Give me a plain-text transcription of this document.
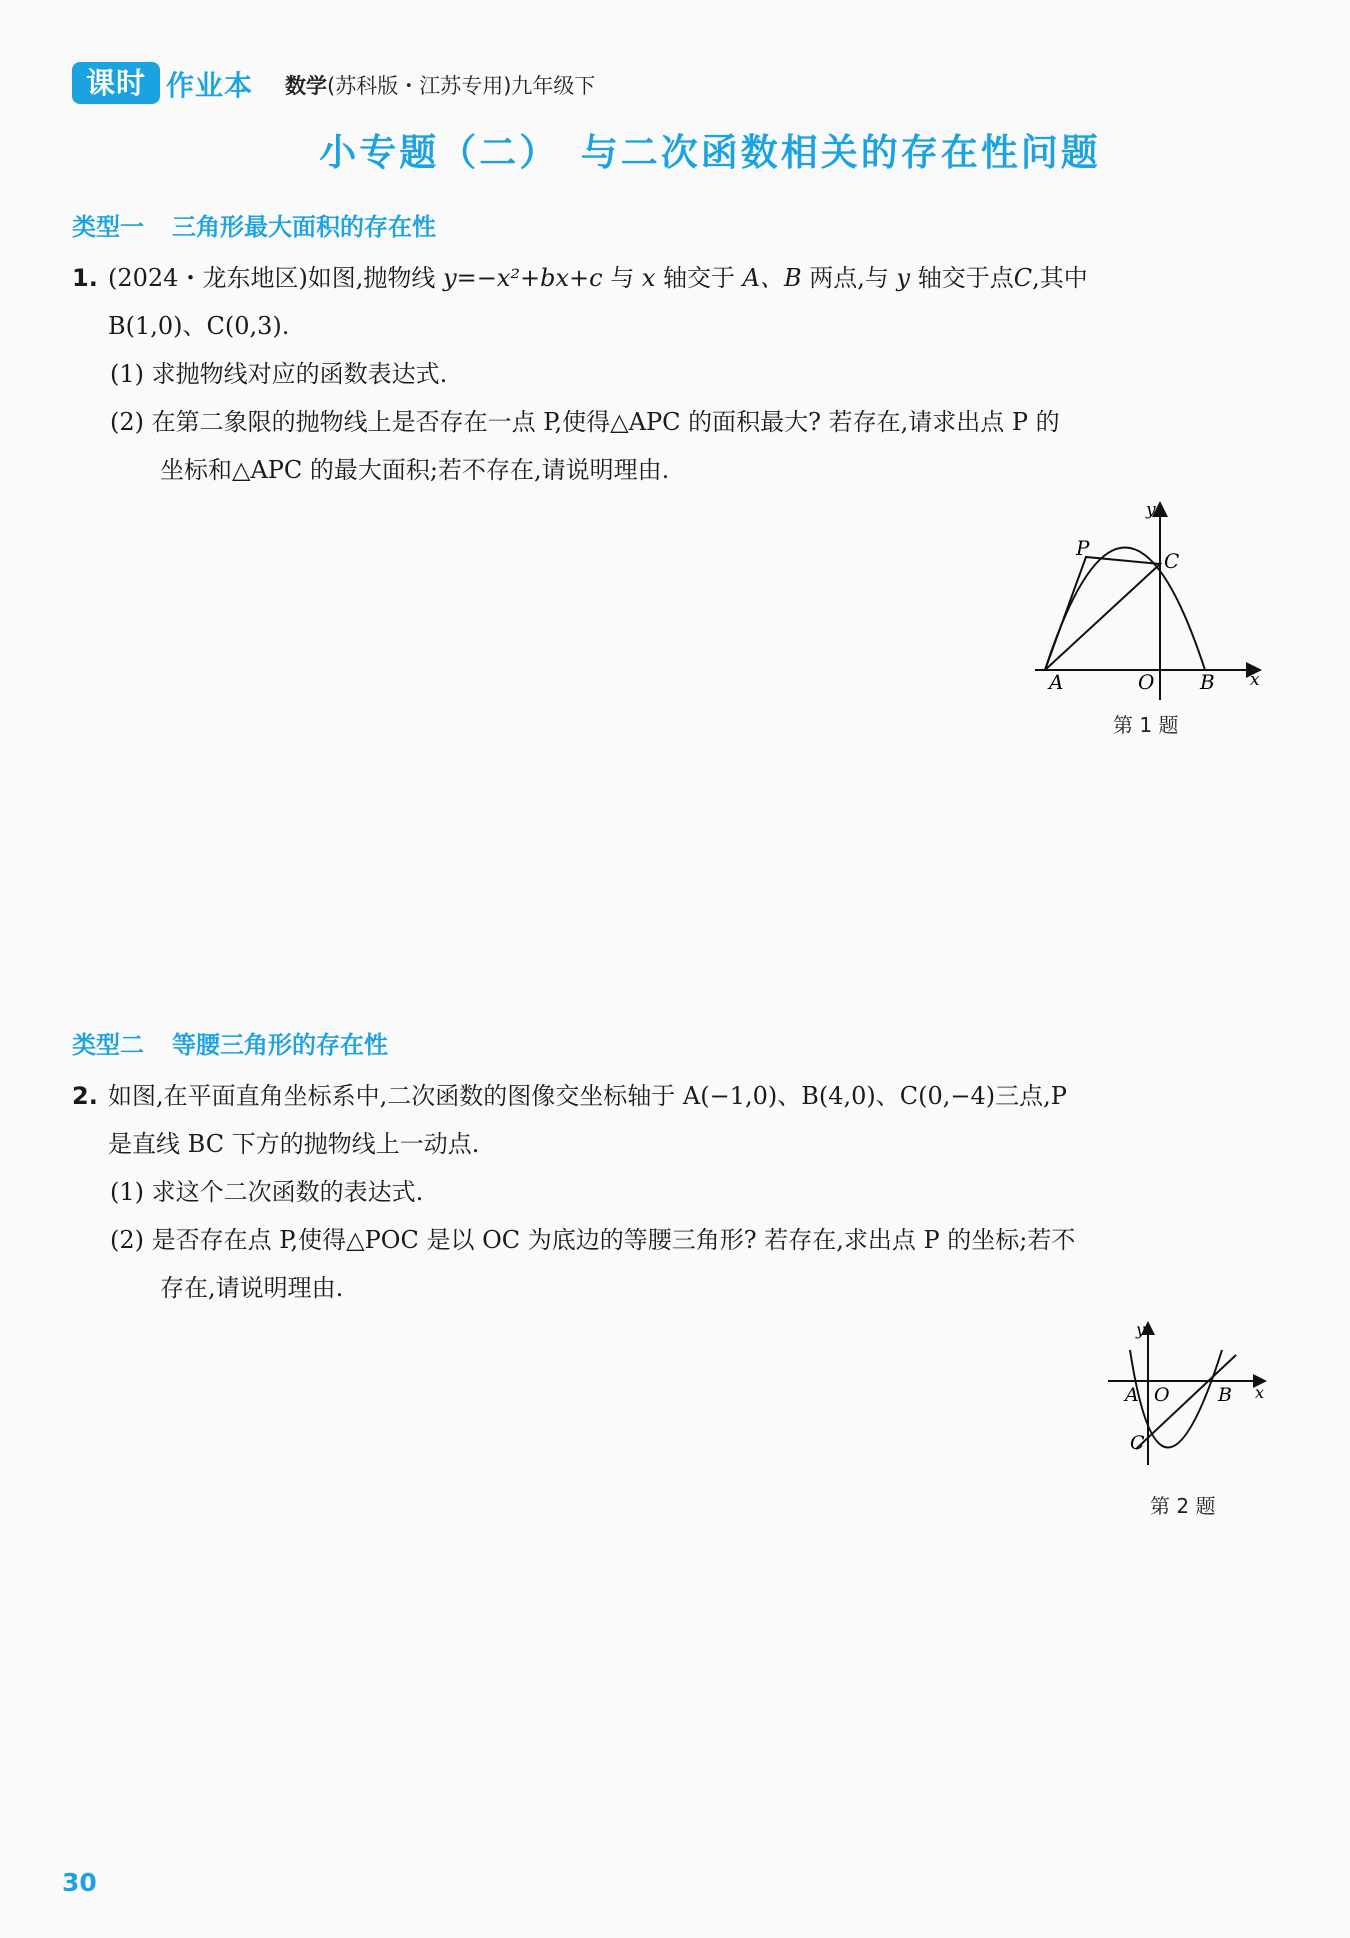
课时 作业本 数学(苏科版・江苏专用)九年级下
小专题（二）　与二次函数相关的存在性问题
类型一 三角形最大面积的存在性
1. (2024・龙东地区)如图,抛物线 y=−x²+bx+c 与 x 轴交于 A、B 两点,与 y 轴交于点C,其中
B(1,0)、C(0,3).
(1) 求抛物线对应的函数表达式.
(2) 在第二象限的抛物线上是否存在一点 P,使得△APC 的面积最大? 若存在,请求出点 P 的
坐标和△APC 的最大面积;若不存在,请说明理由.
y
x
P
C
A	O B
第 1 题
类型二 等腰三角形的存在性
2. 如图,在平面直角坐标系中,二次函数的图像交坐标轴于 A(−1,0)、B(4,0)、C(0,−4)三点,P
是直线 BC 下方的抛物线上一动点.
(1) 求这个二次函数的表达式.
(2) 是否存在点 P,使得△POC 是以 OC 为底边的等腰三角形? 若存在,求出点 P 的坐标;若不
存在,请说明理由.
y
x
A O	B
C
第 2 题
30
